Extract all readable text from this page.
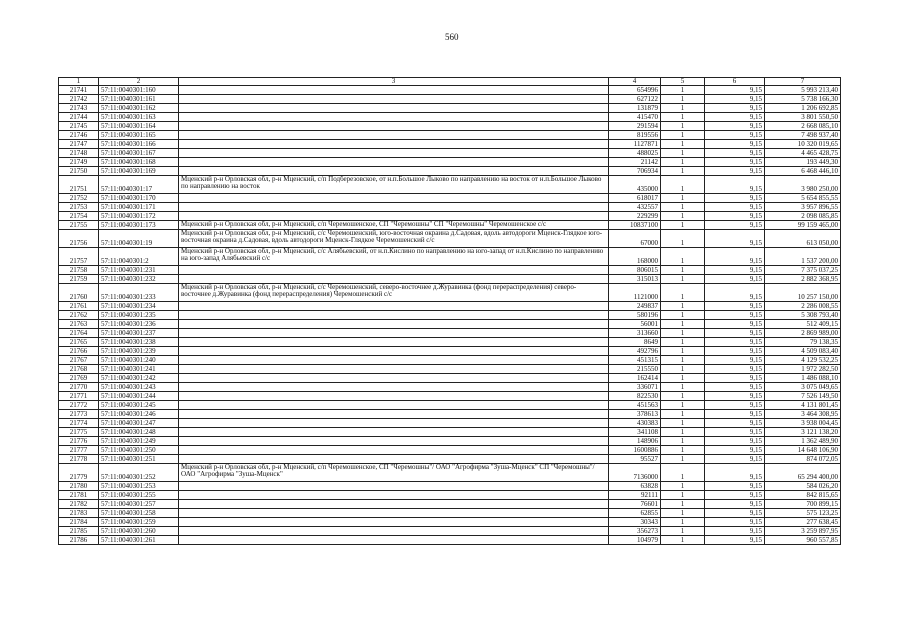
560
1	2	3	4	5	6	7
21741	57:11:0040301:160		654996	1	9,15	5 993 213,40
21742	57:11:0040301:161		627122	1	9,15	5 738 166,30
21743	57:11:0040301:162		131879	1	9,15	1 206 692,85
21744	57:11:0040301:163		415470	1	9,15	3 801 550,50
21745	57:11:0040301:164		291594	1	9,15	2 668 085,10
21746	57:11:0040301:165		819556	1	9,15	7 498 937,40
21747	57:11:0040301:166		1127871	1	9,15	10 320 019,65
21748	57:11:0040301:167		488025	1	9,15	4 465 428,75
21749	57:11:0040301:168		21142	1	9,15	193 449,30
21750	57:11:0040301:169		706934	1	9,15	6 468 446,10
21751	57:11:0040301:17	Мценский р-н Орловская обл, р-н Мценский, с/п Подберезовское, от н.п.Большое Лыково по направлению на восток от н.п.Большое Лыково по направлению на восток	435000	1	9,15	3 980 250,00
21752	57:11:0040301:170		618017	1	9,15	5 654 855,55
21753	57:11:0040301:171		432557	1	9,15	3 957 896,55
21754	57:11:0040301:172		229299	1	9,15	2 098 085,85
21755	57:11:0040301:173	Мценский р-н Орловская обл, р-н Мценский, с/п Черемошенское, СП "Черемошны" СП "Черемошны" Черемошенское с/с	10837100	1	9,15	99 159 465,00
21756	57:11:0040301:19	Мценский р-н Орловская обл, р-н Мценский, с/с Черемошенский, юго-восточная окраина д.Садовая, вдоль автодороги Мценск-Глядкое юго-восточная окраина д.Садовая, вдоль автодороги Мценск-Глядкое Черемошенский с/с	67000	1	9,15	613 050,00
21757	57:11:0040301:2	Мценский р-н Орловская обл, р-н Мценский, с/с Алябьевский, от н.п.Кислино по направлению на юго-запад от н.п.Кислино по направлению на юго-запад Алябьевский с/с	168000	1	9,15	1 537 200,00
21758	57:11:0040301:231		806015	1	9,15	7 375 037,25
21759	57:11:0040301:232		315013	1	9,15	2 882 368,95
21760	57:11:0040301:233	Мценский р-н Орловская обл, р-н Мценский, с/с Черемошенский, северо-восточнее д.Журавинка (фонд перераспределения) северо-восточнее д.Журавинка (фонд перераспределения) Черемошенский с/с	1121000	1	9,15	10 257 150,00
21761	57:11:0040301:234		249837	1	9,15	2 286 008,55
21762	57:11:0040301:235		580196	1	9,15	5 308 793,40
21763	57:11:0040301:236		56001	1	9,15	512 409,15
21764	57:11:0040301:237		313660	1	9,15	2 869 989,00
21765	57:11:0040301:238		8649	1	9,15	79 138,35
21766	57:11:0040301:239		492796	1	9,15	4 509 083,40
21767	57:11:0040301:240		451315	1	9,15	4 129 532,25
21768	57:11:0040301:241		215550	1	9,15	1 972 282,50
21769	57:11:0040301:242		162414	1	9,15	1 486 088,10
21770	57:11:0040301:243		336071	1	9,15	3 075 049,65
21771	57:11:0040301:244		822530	1	9,15	7 526 149,50
21772	57:11:0040301:245		451563	1	9,15	4 131 801,45
21773	57:11:0040301:246		378613	1	9,15	3 464 308,95
21774	57:11:0040301:247		430383	1	9,15	3 938 004,45
21775	57:11:0040301:248		341108	1	9,15	3 121 138,20
21776	57:11:0040301:249		148906	1	9,15	1 362 489,90
21777	57:11:0040301:250		1600886	1	9,15	14 648 106,90
21778	57:11:0040301:251		95527	1	9,15	874 072,05
21779	57:11:0040301:252	Мценский р-н Орловская обл, р-н Мценский, с/п Черемошенское, СП "Черемошны"/ ОАО "Агрофирма "Зуша-Мценск" СП "Черемошны"/ ОАО "Агрофирма "Зуша-Мценск"	7136000	1	9,15	65 294 400,00
21780	57:11:0040301:253		63828	1	9,15	584 026,20
21781	57:11:0040301:255		92111	1	9,15	842 815,65
21782	57:11:0040301:257		76601	1	9,15	700 899,15
21783	57:11:0040301:258		62855	1	9,15	575 123,25
21784	57:11:0040301:259		30343	1	9,15	277 638,45
21785	57:11:0040301:260		356273	1	9,15	3 259 897,95
21786	57:11:0040301:261		104979	1	9,15	960 557,85
